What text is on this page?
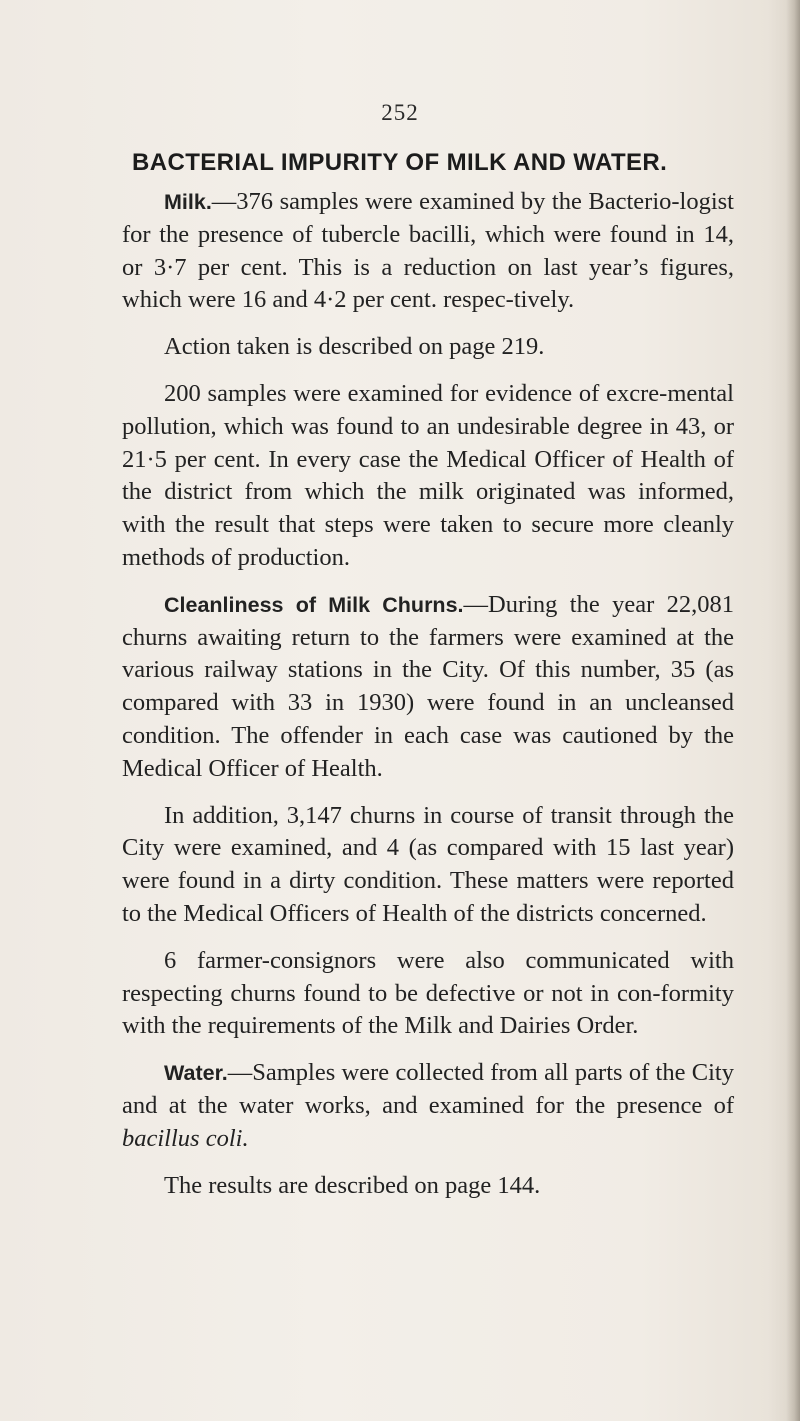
252
BACTERIAL IMPURITY OF MILK AND WATER.

Milk.—376 samples were examined by the Bacterio-logist for the presence of tubercle bacilli, which were found in 14, or 3·7 per cent. This is a reduction on last year’s figures, which were 16 and 4·2 per cent. respec-tively.

Action taken is described on page 219.

200 samples were examined for evidence of excre-mental pollution, which was found to an undesirable degree in 43, or 21·5 per cent. In every case the Medical Officer of Health of the district from which the milk originated was informed, with the result that steps were taken to secure more cleanly methods of production.

Cleanliness of Milk Churns.—During the year 22,081 churns awaiting return to the farmers were examined at the various railway stations in the City. Of this number, 35 (as compared with 33 in 1930) were found in an uncleansed condition. The offender in each case was cautioned by the Medical Officer of Health.

In addition, 3,147 churns in course of transit through the City were examined, and 4 (as compared with 15 last year) were found in a dirty condition. These matters were reported to the Medical Officers of Health of the districts concerned.

6 farmer-consignors were also communicated with respecting churns found to be defective or not in con-formity with the requirements of the Milk and Dairies Order.

Water.—Samples were collected from all parts of the City and at the water works, and examined for the presence of bacillus coli.

The results are described on page 144.
